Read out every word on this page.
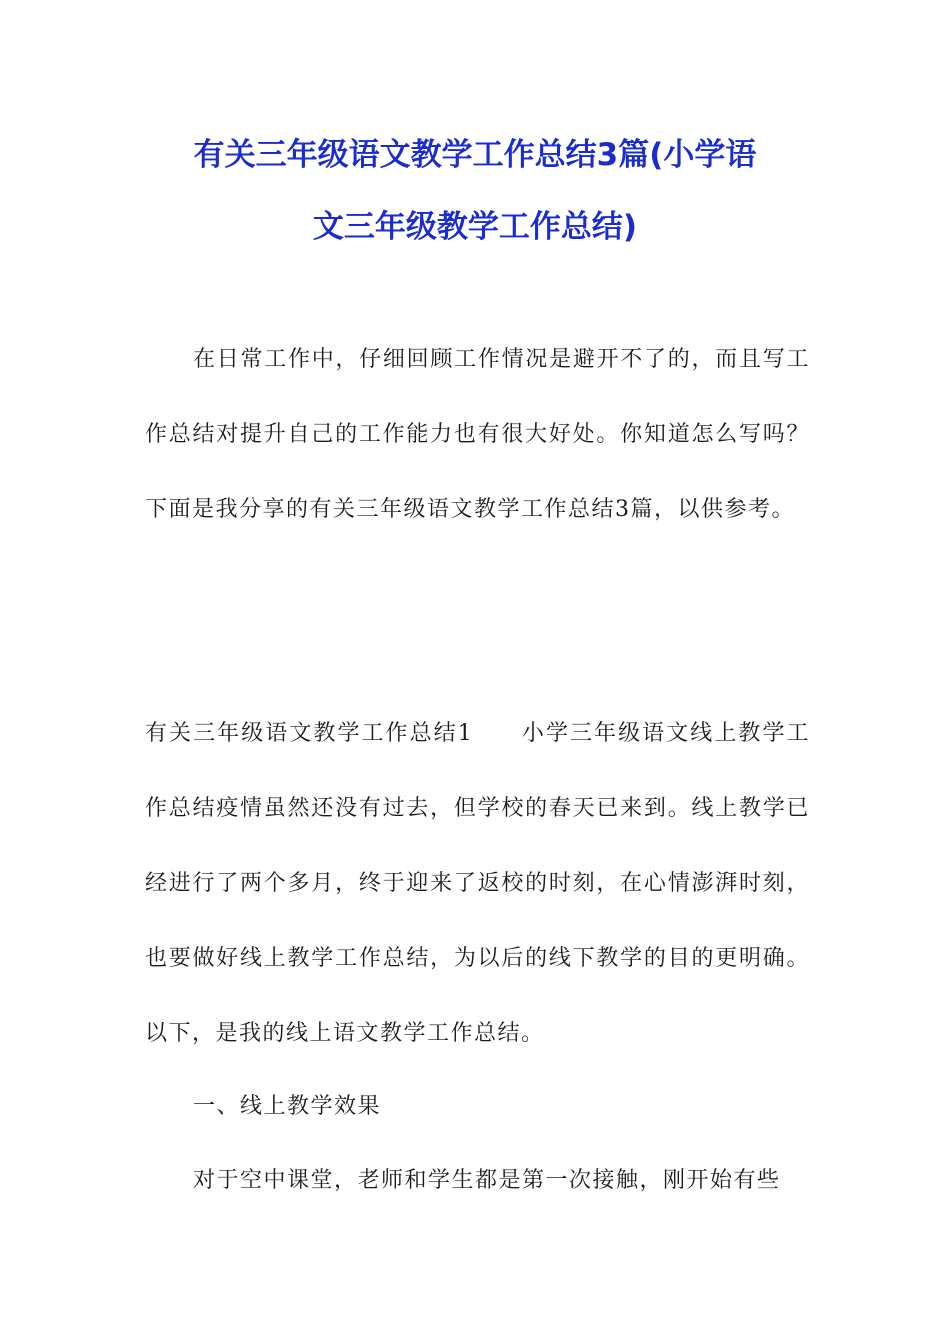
有关三年级语文教学工作总结3篇(小学语
文三年级教学工作总结)

在日常工作中，仔细回顾工作情况是避开不了的，而且写工作总结对提升自己的工作能力也有很大好处。你知道怎么写吗？下面是我分享的有关三年级语文教学工作总结3篇，以供参考。

有关三年级语文教学工作总结1　　小学三年级语文线上教学工作总结疫情虽然还没有过去，但学校的春天已来到。线上教学已经进行了两个多月，终于迎来了返校的时刻，在心情澎湃时刻，也要做好线上教学工作总结，为以后的线下教学的目的更明确。以下，是我的线上语文教学工作总结。

一、线上教学效果

对于空中课堂，老师和学生都是第一次接触，刚开始有些
